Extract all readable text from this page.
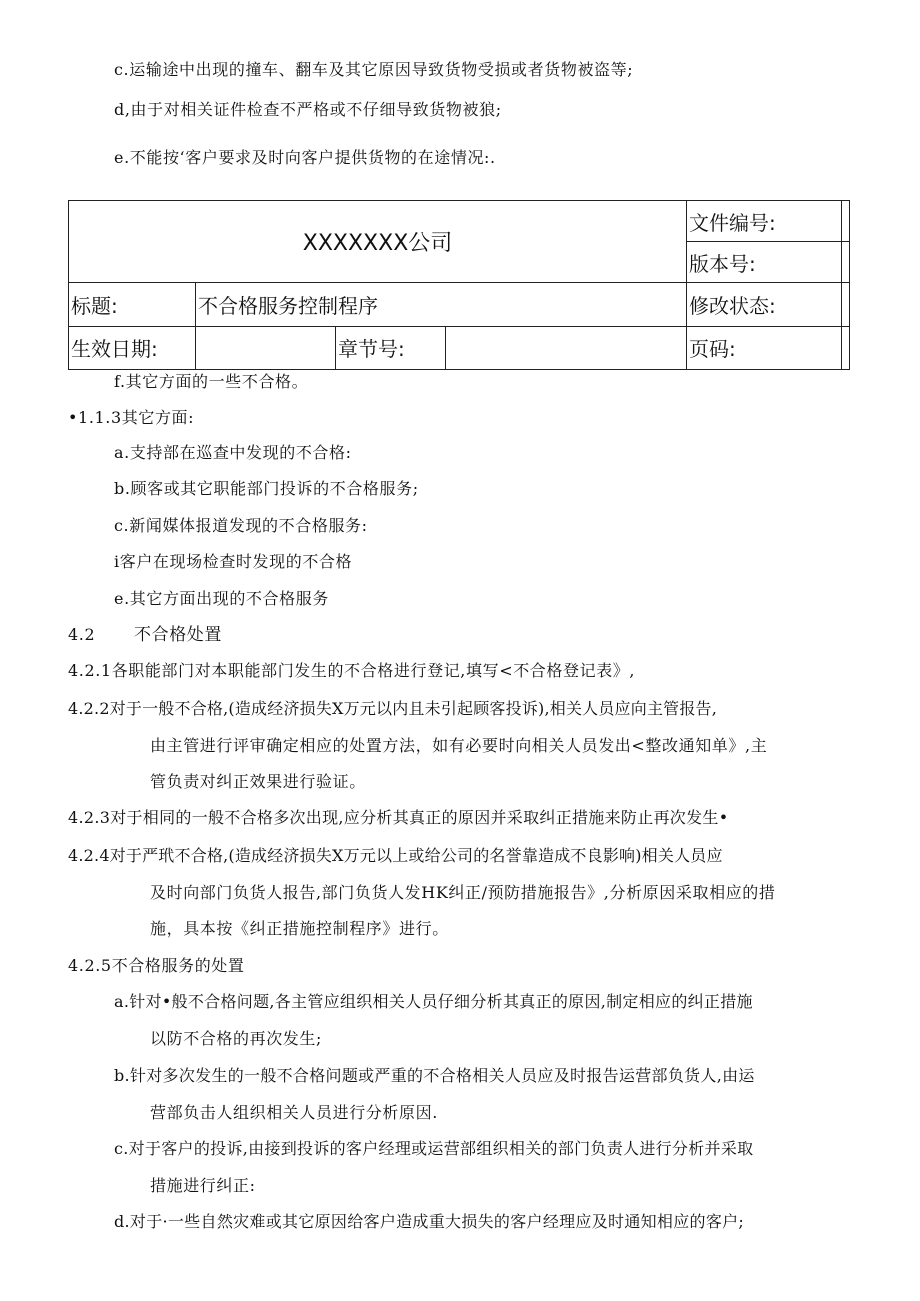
c.运输途中出现的撞车、翻车及其它原因导致货物受损或者货物被盗等;
d,由于对相关证件检查不严格或不仔细导致货物被狼;
e.不能按‘客户要求及时向客户提供货物的在途情况:.
XXXXXXX公司				文件编号:	
				版本号:	
标题:	不合格服务控制程序			修改状态:	
生效日期:		章节号:		页码:	
f.其它方面的一些不合格。
•1.1.3其它方面:
a.支持部在巡查中发现的不合格:
b.顾客或其它职能部门投诉的不合格服务;
c.新闻媒体报道发现的不合格服务:
i客户在现场检查时发现的不合格
e.其它方面出现的不合格服务
4.2 不合格处置
4.2.1各职能部门对本职能部门发生的不合格进行登记,填写<不合格登记表》,
4.2.2对于一般不合格,(造成经济损失X万元以内且未引起顾客投诉),相关人员应向主管报告,
由主管进行评审确定相应的处置方法，如有必要时向相关人员发出<整改通知单》,主
管负责对纠正效果进行验证。
4.2.3对于相同的一般不合格多次出现,应分析其真正的原因并采取纠正措施来防止再次发生•
4.2.4对于严玳不合格,(造成经济损失X万元以上或给公司的名誉靠造成不良影响)相关人员应
及时向部门负货人报告,部门负货人发HK纠正/预防措施报告》,分析原因采取相应的措
施，具本按《纠正措施控制程序》进行。
4.2.5不合格服务的处置
a.针对•般不合格问题,各主管应组织相关人员仔细分析其真正的原因,制定相应的纠正措施
以防不合格的再次发生;
b.针对多次发生的一般不合格问题或严重的不合格相关人员应及时报告运营部负货人,由运
营部负击人组织相关人员进行分析原因.
c.对于客户的投诉,由接到投诉的客户经理或运营部组织相关的部门负责人进行分析并采取
措施进行纠正:
d.对于·一些自然灾难或其它原因给客户造成重大损失的客户经理应及时通知相应的客户;
